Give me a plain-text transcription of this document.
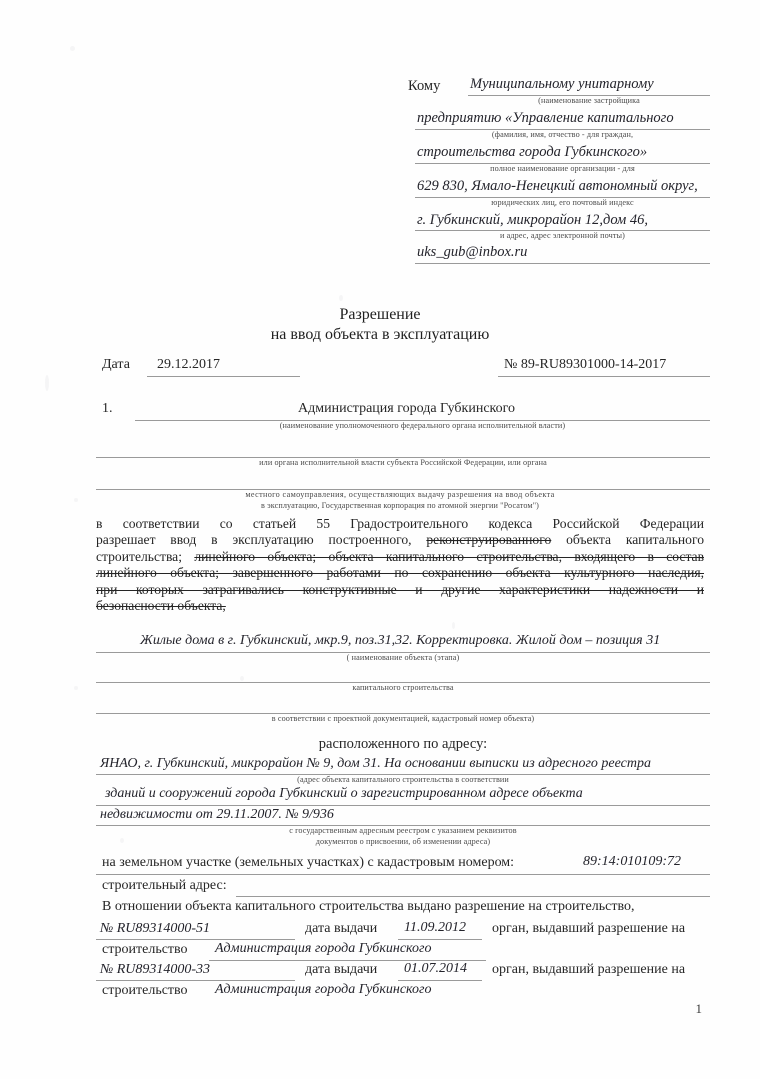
Кому Муниципальному унитарному
(наименование застройщика
предприятию «Управление капитального
(фамилия, имя, отчество - для граждан,
строительства города Губкинского»
полное наименование организации - для
629 830, Ямало-Ненецкий автономный округ,
юридических лиц, его почтовый индекс
г. Губкинский, микрорайон 12,дом 46,
и адрес, адрес электронной почты)
uks_gub@inbox.ru
Разрешение
на ввод объекта в эксплуатацию
Дата 29.12.2017	№ 89-RU89301000-14-2017
1.	Администрация города Губкинского
(наименование уполномоченного федерального органа исполнительной власти)
или органа исполнительной власти субъекта Российской Федерации, или органа
местного самоуправления, осуществляющих выдачу разрешения на ввод объекта
в эксплуатацию, Государственная корпорация по атомной энергии "Росатом")
в соответствии со статьей 55 Градостроительного кодекса Российской Федерации
разрешает ввод в эксплуатацию построенного, реконструированного объекта капитального
строительства; линейного объекта; объекта капитального строительства, входящего в состав
линейного объекта; завершенного работами по сохранению объекта культурного наследия,
при которых затрагивались конструктивные и другие характеристики надежности и
безопасности объекта,
Жилые дома в г. Губкинский, мкр.9, поз.31,32. Корректировка. Жилой дом – позиция 31
( наименование объекта (этапа)
капитального строительства
в соответствии с проектной документацией, кадастровый номер объекта)
расположенного по адресу:
ЯНАО, г. Губкинский, микрорайон № 9, дом 31. На основании выписки из адресного реестра
(адрес объекта капитального строительства в соответствии
зданий и сооружений города Губкинский о зарегистрированном адресе объекта
недвижимости от 29.11.2007. № 9/936
с государственным адресным реестром с указанием реквизитов
документов о присвоении, об изменении адреса)
на земельном участке (земельных участках) с кадастровым номером:	89:14:010109:72
строительный адрес:
В отношении объекта капитального строительства выдано разрешение на строительство,
№ RU89314000-51	дата выдачи 11.09.2012 орган, выдавший разрешение на
строительство Администрация города Губкинского
№ RU89314000-33	дата выдачи 01.07.2014 орган, выдавший разрешение на
строительство Администрация города Губкинского
1
